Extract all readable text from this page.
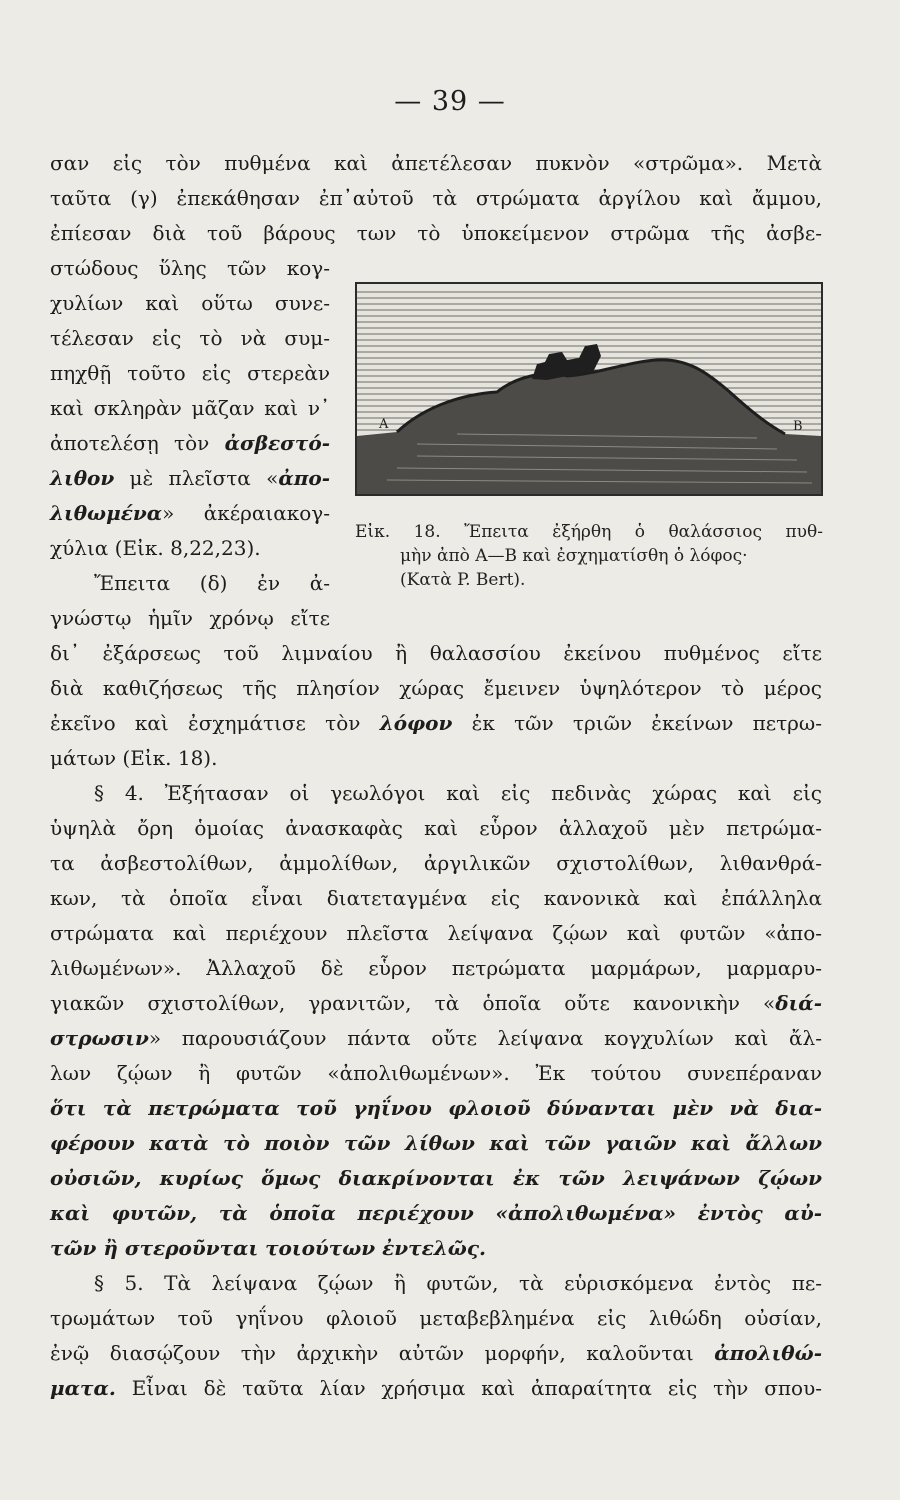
— 39 —
σαν εἰς τὸν πυθμένα καὶ ἀπετέλεσαν πυκνὸν «στρῶμα». Μετὰ
ταῦτα (γ) ἐπεκάθησαν ἐπ᾽αὐτοῦ τὰ στρώματα ἀργίλου καὶ ἄμμου,
ἐπίεσαν διὰ τοῦ βάρους των τὸ ὑποκείμενον στρῶμα τῆς ἀσβε-
στώδους ὕλης τῶν κογ-
χυλίων καὶ οὕτω συνε-
τέλεσαν εἰς τὸ νὰ συμ-
πηχθῇ τοῦτο εἰς στερεὰν
καὶ σκληρὰν μᾶζαν καὶ ν᾽
ἀποτελέσῃ τὸν ἀσβεστό-
λιθον μὲ πλεῖστα «ἀπο-
λιθωμένα» ἀκέραιακογ-
χύλια (Εἰκ. 8,22,23).
Ἔπειτα (δ) ἐν ἀ-
γνώστῳ ἡμῖν χρόνῳ εἴτε
δι᾽ ἐξάρσεως τοῦ λιμναίου ἢ θαλασσίου ἐκείνου πυθμένος εἴτε
διὰ καθιζήσεως τῆς πλησίον χώρας ἔμεινεν ὑψηλότερον τὸ μέρος
ἐκεῖνο καὶ ἐσχημάτισε τὸν λόφον ἐκ τῶν τριῶν ἐκείνων πετρω-
μάτων (Εἰκ. 18).
§ 4. Ἐξήτασαν οἱ γεωλόγοι καὶ εἰς πεδινὰς χώρας καὶ εἰς
ὑψηλὰ ὄρη ὁμοίας ἀνασκαφὰς καὶ εὗρον ἀλλαχοῦ μὲν πετρώμα-
τα ἀσβεστολίθων, ἀμμολίθων, ἀργιλικῶν σχιστολίθων, λιθανθρά-
κων, τὰ ὁποῖα εἶναι διατεταγμένα εἰς κανονικὰ καὶ ἐπάλληλα
στρώματα καὶ περιέχουν πλεῖστα λείψανα ζῴων καὶ φυτῶν «ἀπο-
λιθωμένων». Ἀλλαχοῦ δὲ εὗρον πετρώματα μαρμάρων, μαρμαρυ-
γιακῶν σχιστολίθων, γρανιτῶν, τὰ ὁποῖα οὔτε κανονικὴν «διά-
στρωσιν» παρουσιάζουν πάντα οὔτε λείψανα κογχυλίων καὶ ἄλ-
λων ζῴων ἢ φυτῶν «ἀπολιθωμένων». Ἐκ τούτου συνεπέραναν
ὅτι τὰ πετρώματα τοῦ γηΐνου φλοιοῦ δύνανται μὲν νὰ δια-
φέρουν κατὰ τὸ ποιὸν τῶν λίθων καὶ τῶν γαιῶν καὶ ἄλλων
οὐσιῶν, κυρίως ὅμως διακρίνονται ἐκ τῶν λειψάνων ζῴων
καὶ φυτῶν, τὰ ὁποῖα περιέχουν «ἀπολιθωμένα» ἐντὸς αὐ-
τῶν ἢ στεροῦνται τοιούτων ἐντελῶς.
§ 5. Τὰ λείψανα ζῴων ἢ φυτῶν, τὰ εὑρισκόμενα ἐντὸς πε-
τρωμάτων τοῦ γηΐνου φλοιοῦ μεταβεβλημένα εἰς λιθώδη οὐσίαν,
ἐνῷ διασῴζουν τὴν ἀρχικὴν αὐτῶν μορφήν, καλοῦνται ἀπολιθώ-
ματα. Εἶναι δὲ ταῦτα λίαν χρήσιμα καὶ ἀπαραίτητα εἰς τὴν σπου-
A	B
Εἰκ. 18. Ἔπειτα ἐξήρθη ὁ θαλάσσιος πυθ-
μὴν ἀπὸ A—B καὶ ἐσχηματίσθη ὁ λόφος·
(Κατὰ P. Bert).
